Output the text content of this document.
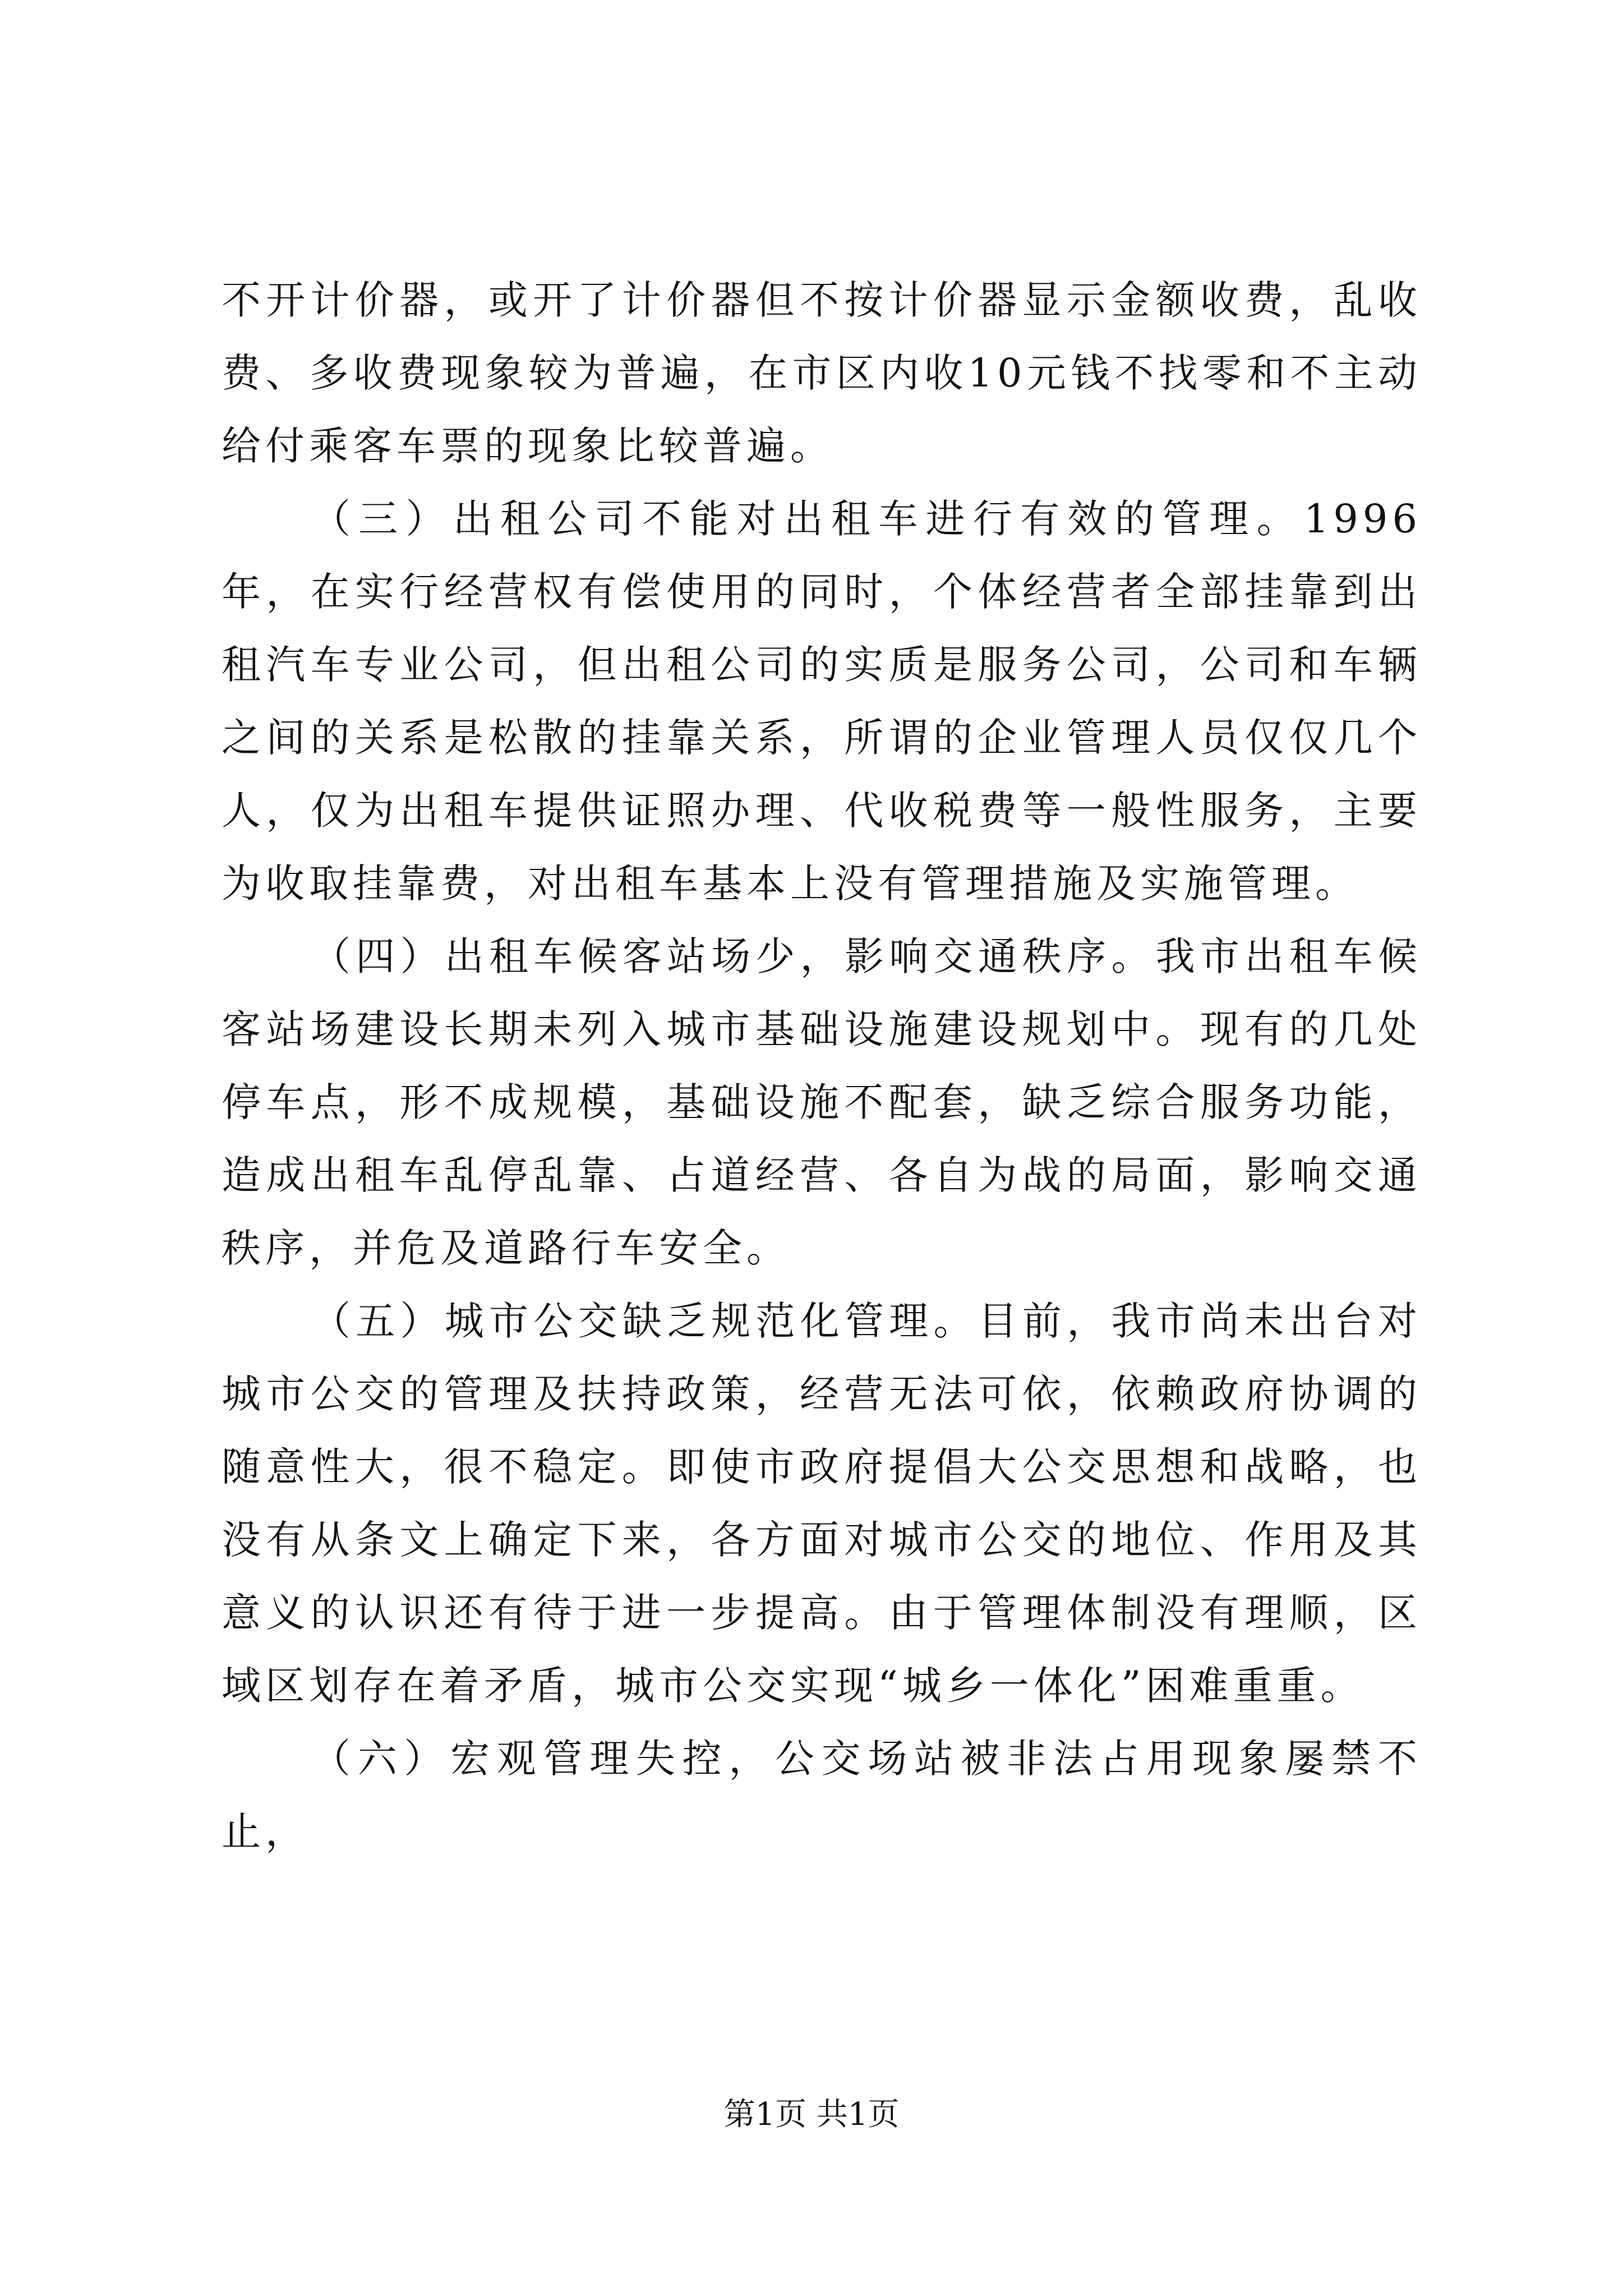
不开计价器，或开了计价器但不按计价器显示金额收费，乱收费、多收费现象较为普遍，在市区内收10元钱不找零和不主动给付乘客车票的现象比较普遍。

（三）出租公司不能对出租车进行有效的管理。1996年，在实行经营权有偿使用的同时，个体经营者全部挂靠到出租汽车专业公司，但出租公司的实质是服务公司，公司和车辆之间的关系是松散的挂靠关系，所谓的企业管理人员仅仅几个人，仅为出租车提供证照办理、代收税费等一般性服务，主要为收取挂靠费，对出租车基本上没有管理措施及实施管理。

（四）出租车候客站场少，影响交通秩序。我市出租车候客站场建设长期未列入城市基础设施建设规划中。现有的几处停车点，形不成规模，基础设施不配套，缺乏综合服务功能，造成出租车乱停乱靠、占道经营、各自为战的局面，影响交通秩序，并危及道路行车安全。

（五）城市公交缺乏规范化管理。目前，我市尚未出台对城市公交的管理及扶持政策，经营无法可依，依赖政府协调的随意性大，很不稳定。即使市政府提倡大公交思想和战略，也没有从条文上确定下来，各方面对城市公交的地位、作用及其意义的认识还有待于进一步提高。由于管理体制没有理顺，区域区划存在着矛盾，城市公交实现“城乡一体化”困难重重。

（六）宏观管理失控，公交场站被非法占用现象屡禁不止，

第1页 共1页
